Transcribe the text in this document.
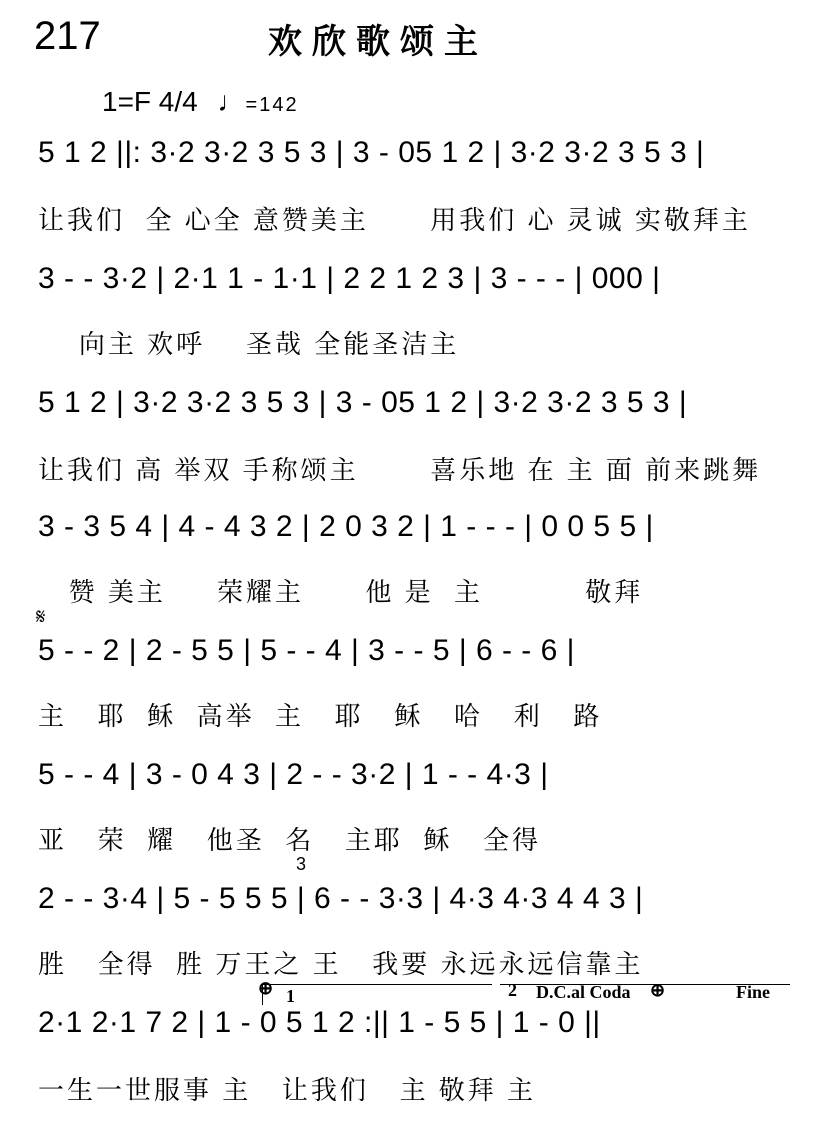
217	欢欣歌颂主
1=F 4/4 ♩=142
5 1 2 ||: 3·2 3·2 3 5 3 | 3 - 05 1 2 | 3·2 3·2 3 5 3 |
让我们  全 心全 意赞美主      用我们 心 灵诚 实敬拜主
3 - - 3·2 | 2·1 1 - 1·1 | 2 2 1 2 3 | 3 - - - | 000 |
向主 欢呼    圣哉 全能圣洁主
5 1 2 | 3·2 3·2 3 5 3 | 3 - 05 1 2 | 3·2 3·2 3 5 3 |
让我们 高 举双 手称颂主       喜乐地 在 主 面 前来跳舞
3 - 3 5 4 | 4 - 4 3 2 | 2 0 3 2 | 1 - - - | 0 0 5 5 |
赞 美主     荣耀主      他 是  主          敬拜
𝄋
5 - - 2 | 2 - 5 5 | 5 - - 4 | 3 - - 5 | 6 - - 6 |
主   耶  稣  高举  主   耶   稣   哈   利   路
5 - - 4 | 3 - 0 4 3 | 2 - - 3·2 | 1 - - 4·3 |
亚   荣  耀   他圣  名   主耶  稣   全得
3
2 - - 3·4 | 5 - 5 5 5 | 6 - - 3·3 | 4·3 4·3 4 4 3 |
胜   全得  胜 万王之 王   我要 永远永远信靠主
⊕ 1	2 D.C.al Coda ⊕	Fine
2·1 2·1 7 2 | 1 - 0 5 1 2 :|| 1 - 5 5 | 1 - 0 ||
一生一世服事 主   让我们   主 敬拜 主
